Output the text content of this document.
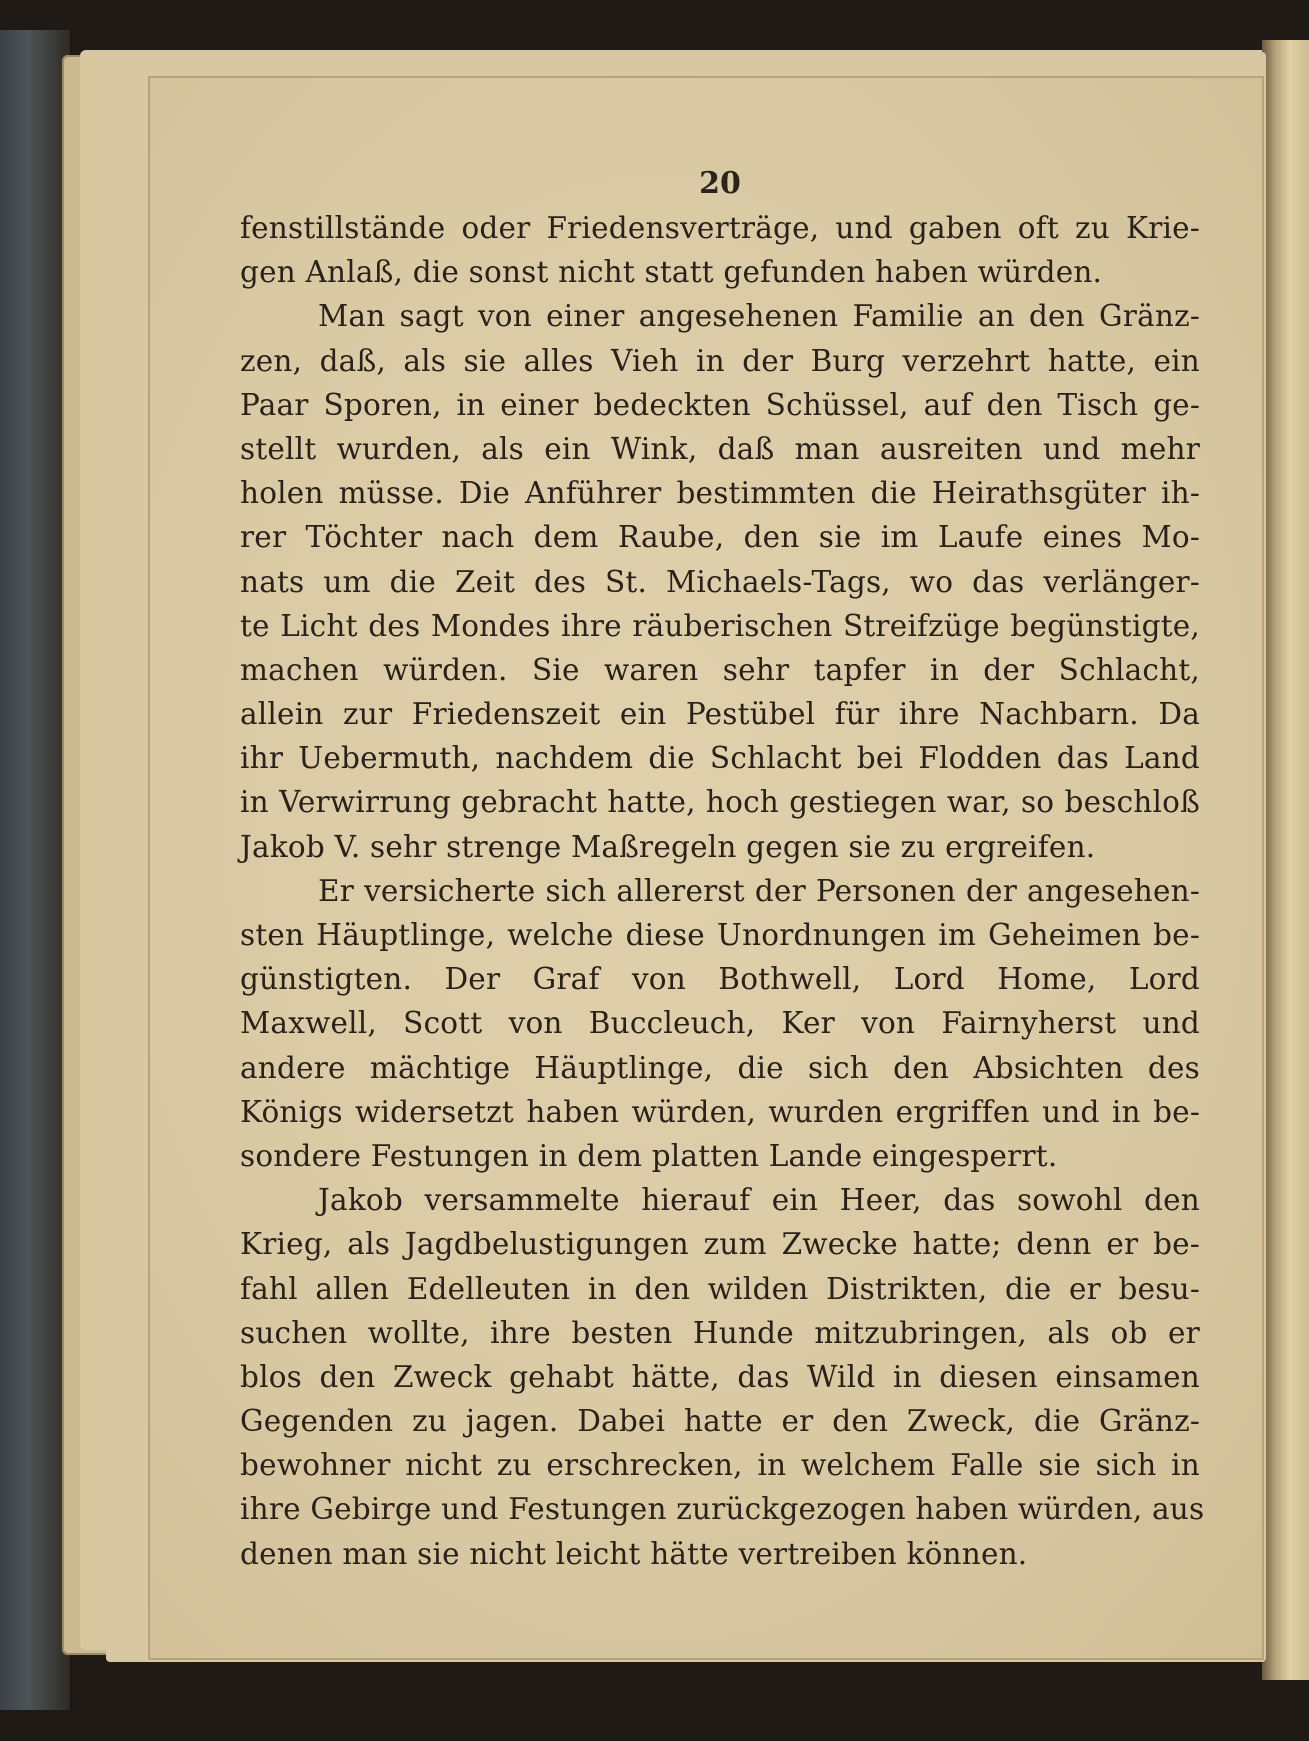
20
fenstillstände oder Friedensverträge, und gaben oft zu Krie-
gen Anlaß, die sonst nicht statt gefunden haben würden.
Man sagt von einer angesehenen Familie an den Gränz-
zen, daß, als sie alles Vieh in der Burg verzehrt hatte, ein
Paar Sporen, in einer bedeckten Schüssel, auf den Tisch ge-
stellt wurden, als ein Wink, daß man ausreiten und mehr
holen müsse. Die Anführer bestimmten die Heirathsgüter ih-
rer Töchter nach dem Raube, den sie im Laufe eines Mo-
nats um die Zeit des St. Michaels-Tags, wo das verlänger-
te Licht des Mondes ihre räuberischen Streifzüge begünstigte,
machen würden. Sie waren sehr tapfer in der Schlacht,
allein zur Friedenszeit ein Pestübel für ihre Nachbarn. Da
ihr Uebermuth, nachdem die Schlacht bei Flodden das Land
in Verwirrung gebracht hatte, hoch gestiegen war, so beschloß
Jakob V. sehr strenge Maßregeln gegen sie zu ergreifen.
Er versicherte sich allererst der Personen der angesehen-
sten Häuptlinge, welche diese Unordnungen im Geheimen be-
günstigten. Der Graf von Bothwell, Lord Home, Lord
Maxwell, Scott von Buccleuch, Ker von Fairnyherst und
andere mächtige Häuptlinge, die sich den Absichten des
Königs widersetzt haben würden, wurden ergriffen und in be-
sondere Festungen in dem platten Lande eingesperrt.
Jakob versammelte hierauf ein Heer, das sowohl den
Krieg, als Jagdbelustigungen zum Zwecke hatte; denn er be-
fahl allen Edelleuten in den wilden Distrikten, die er besu-
suchen wollte, ihre besten Hunde mitzubringen, als ob er
blos den Zweck gehabt hätte, das Wild in diesen einsamen
Gegenden zu jagen. Dabei hatte er den Zweck, die Gränz-
bewohner nicht zu erschrecken, in welchem Falle sie sich in
ihre Gebirge und Festungen zurückgezogen haben würden, aus
denen man sie nicht leicht hätte vertreiben können.
